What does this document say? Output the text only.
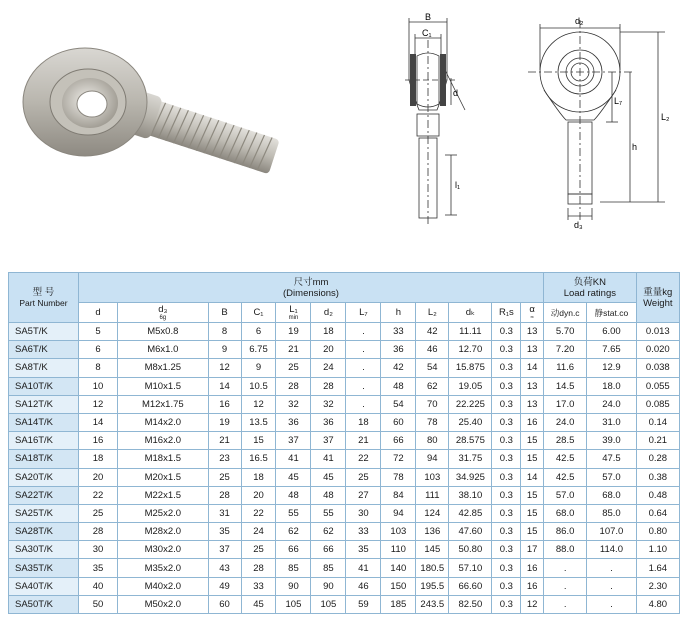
B
C₁
d
l₁
d₂
L₇
h
L₂
d₃
型 号
Part Number	尺寸mm
(Dimensions)												负荷KN
Load ratings		重量kg
Weight
	d	d₃
6g	B	C₁	L₁
min	d₂	L₇	h	L₂	dₖ	R₁s	α
≈	动dyn.c	静stat.co	
SA5T/K	5	M5x0.8	8	6	19	18	.	33	42	11.11	0.3	13	5.70	6.00	0.013
SA6T/K	6	M6x1.0	9	6.75	21	20	.	36	46	12.70	0.3	13	7.20	7.65	0.020
SA8T/K	8	M8x1.25	12	9	25	24	.	42	54	15.875	0.3	14	11.6	12.9	0.038
SA10T/K	10	M10x1.5	14	10.5	28	28	.	48	62	19.05	0.3	13	14.5	18.0	0.055
SA12T/K	12	M12x1.75	16	12	32	32	.	54	70	22.225	0.3	13	17.0	24.0	0.085
SA14T/K	14	M14x2.0	19	13.5	36	36	18	60	78	25.40	0.3	16	24.0	31.0	0.14
SA16T/K	16	M16x2.0	21	15	37	37	21	66	80	28.575	0.3	15	28.5	39.0	0.21
SA18T/K	18	M18x1.5	23	16.5	41	41	22	72	94	31.75	0.3	15	42.5	47.5	0.28
SA20T/K	20	M20x1.5	25	18	45	45	25	78	103	34.925	0.3	14	42.5	57.0	0.38
SA22T/K	22	M22x1.5	28	20	48	48	27	84	111	38.10	0.3	15	57.0	68.0	0.48
SA25T/K	25	M25x2.0	31	22	55	55	30	94	124	42.85	0.3	15	68.0	85.0	0.64
SA28T/K	28	M28x2.0	35	24	62	62	33	103	136	47.60	0.3	15	86.0	107.0	0.80
SA30T/K	30	M30x2.0	37	25	66	66	35	110	145	50.80	0.3	17	88.0	114.0	1.10
SA35T/K	35	M35x2.0	43	28	85	85	41	140	180.5	57.10	0.3	16	.	.	1.64
SA40T/K	40	M40x2.0	49	33	90	90	46	150	195.5	66.60	0.3	16	.	.	2.30
SA50T/K	50	M50x2.0	60	45	105	105	59	185	243.5	82.50	0.3	12	.	.	4.80
